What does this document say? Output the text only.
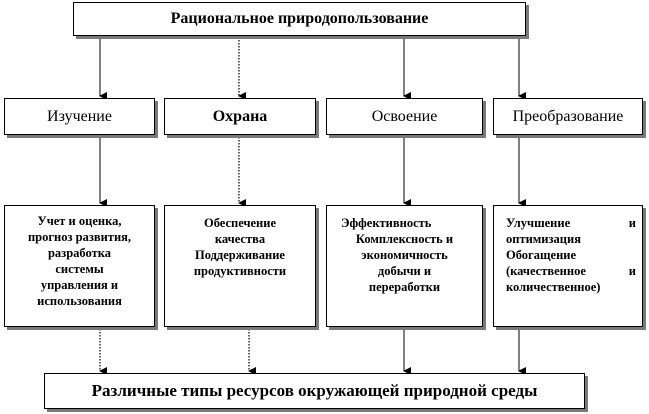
Рациональное природопользование
Изучение	Охрана	Освоение	Преобразование
Учет и оценка,
прогноз развития,
разработка
системы
управления и
использования
Обеспечение
качества
Поддерживание
продуктивности
Эффективность
Комплексность и
экономичность
добычи и
переработки
Улучшение	и
оптимизация
Обогащение
(качественное	и
количественное)
Различные типы ресурсов окружающей природной среды
